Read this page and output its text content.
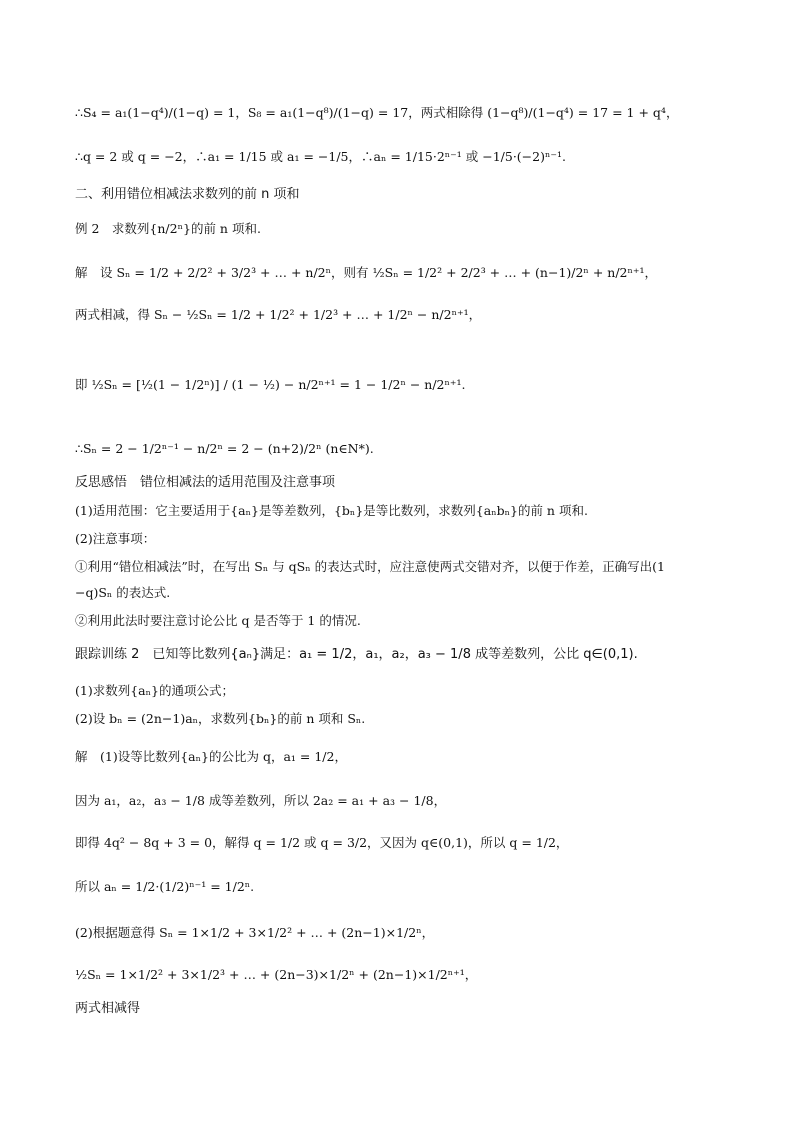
∴S₄ = a₁(1−q⁴)/(1−q) = 1，S₈ = a₁(1−q⁸)/(1−q) = 17，两式相除得 (1−q⁸)/(1−q⁴) = 17 = 1 + q⁴，
∴q = 2 或 q = −2，∴a₁ = 1/15 或 a₁ = −1/5，∴aₙ = 1/15·2ⁿ⁻¹ 或 −1/5·(−2)ⁿ⁻¹.
二、利用错位相减法求数列的前 n 项和
例 2　求数列{n/2ⁿ}的前 n 项和.
解　设 Sₙ = 1/2 + 2/2² + 3/2³ + … + n/2ⁿ，则有 ½Sₙ = 1/2² + 2/2³ + … + (n−1)/2ⁿ + n/2ⁿ⁺¹，
两式相减，得 Sₙ − ½Sₙ = 1/2 + 1/2² + 1/2³ + … + 1/2ⁿ − n/2ⁿ⁺¹，
即 ½Sₙ = [½(1 − 1/2ⁿ)] / (1 − ½) − n/2ⁿ⁺¹ = 1 − 1/2ⁿ − n/2ⁿ⁺¹.
∴Sₙ = 2 − 1/2ⁿ⁻¹ − n/2ⁿ = 2 − (n+2)/2ⁿ (n∈N*).
反思感悟　错位相减法的适用范围及注意事项
(1)适用范围：它主要适用于{aₙ}是等差数列，{bₙ}是等比数列，求数列{aₙbₙ}的前 n 项和.
(2)注意事项：
①利用“错位相减法”时，在写出 Sₙ 与 qSₙ 的表达式时，应注意使两式交错对齐，以便于作差，正确写出(1
−q)Sₙ 的表达式.
②利用此法时要注意讨论公比 q 是否等于 1 的情况.
跟踪训练 2　已知等比数列{aₙ}满足：a₁ = 1/2，a₁，a₂，a₃ − 1/8 成等差数列，公比 q∈(0,1).
(1)求数列{aₙ}的通项公式；
(2)设 bₙ = (2n−1)aₙ，求数列{bₙ}的前 n 项和 Sₙ.
解　(1)设等比数列{aₙ}的公比为 q，a₁ = 1/2，
因为 a₁，a₂，a₃ − 1/8 成等差数列，所以 2a₂ = a₁ + a₃ − 1/8，
即得 4q² − 8q + 3 = 0，解得 q = 1/2 或 q = 3/2，又因为 q∈(0,1)，所以 q = 1/2，
所以 aₙ = 1/2·(1/2)ⁿ⁻¹ = 1/2ⁿ.
(2)根据题意得 Sₙ = 1×1/2 + 3×1/2² + … + (2n−1)×1/2ⁿ，
½Sₙ = 1×1/2² + 3×1/2³ + … + (2n−3)×1/2ⁿ + (2n−1)×1/2ⁿ⁺¹，
两式相减得
